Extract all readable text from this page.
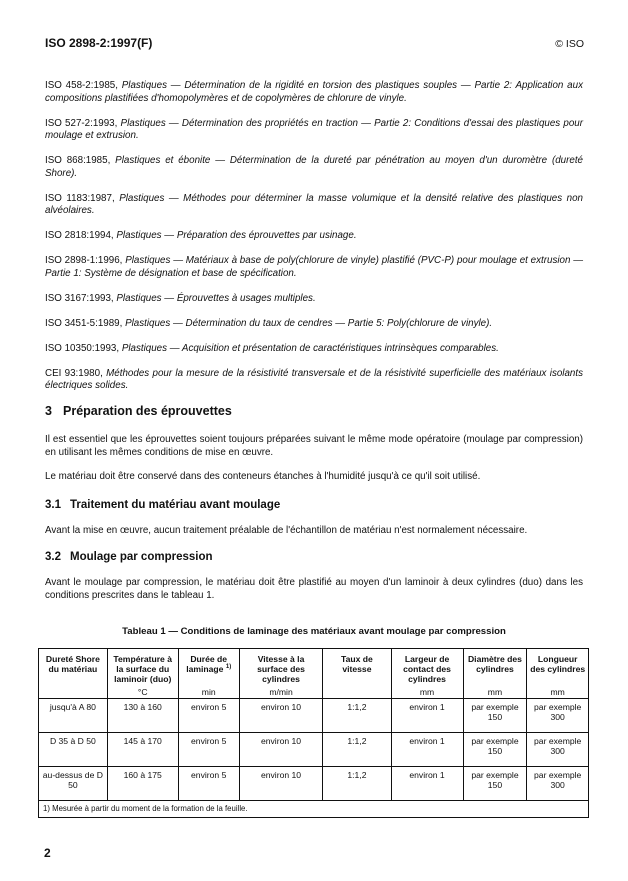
ISO 2898-2:1997(F)	© ISO

ISO 458-2:1985, Plastiques — Détermination de la rigidité en torsion des plastiques souples — Partie 2: Application aux compositions plastifiées d'homopolymères et de copolymères de chlorure de vinyle.

ISO 527-2:1993, Plastiques — Détermination des propriétés en traction — Partie 2: Conditions d'essai des plastiques pour moulage et extrusion.

ISO 868:1985, Plastiques et ébonite — Détermination de la dureté par pénétration au moyen d'un duromètre (dureté Shore).

ISO 1183:1987, Plastiques — Méthodes pour déterminer la masse volumique et la densité relative des plastiques non alvéolaires.

ISO 2818:1994, Plastiques — Préparation des éprouvettes par usinage.

ISO 2898-1:1996, Plastiques — Matériaux à base de poly(chlorure de vinyle) plastifié (PVC-P) pour moulage et extrusion — Partie 1: Système de désignation et base de spécification.

ISO 3167:1993, Plastiques — Éprouvettes à usages multiples.

ISO 3451-5:1989, Plastiques — Détermination du taux de cendres — Partie 5: Poly(chlorure de vinyle).

ISO 10350:1993, Plastiques — Acquisition et présentation de caractéristiques intrinsèques comparables.

CEI 93:1980, Méthodes pour la mesure de la résistivité transversale et de la résistivité superficielle des matériaux isolants électriques solides.

3 Préparation des éprouvettes

Il est essentiel que les éprouvettes soient toujours préparées suivant le même mode opératoire (moulage par compression) en utilisant les mêmes conditions de mise en œuvre.

Le matériau doit être conservé dans des conteneurs étanches à l'humidité jusqu'à ce qu'il soit utilisé.

3.1 Traitement du matériau avant moulage

Avant la mise en œuvre, aucun traitement préalable de l'échantillon de matériau n'est normalement nécessaire.

3.2 Moulage par compression

Avant le moulage par compression, le matériau doit être plastifié au moyen d'un laminoir à deux cylindres (duo) dans les conditions prescrites dans le tableau 1.

Tableau 1 — Conditions de laminage des matériaux avant moulage par compression
Dureté Shore du matériau	Température à la surface du laminoir (duo)	Durée de laminage $^{1)}$	Vitesse à la surface des cylindres	Taux de vitesse	Largeur de contact des cylindres	Diamètre des cylindres	Longueur des cylindres
	°C	min	m/min		mm	mm	mm
jusqu'à A 80	130 à 160	environ 5	environ 10	1:1,2	environ 1	par exemple 150	par exemple 300
D 35 à D 50	145 à 170	environ 5	environ 10	1:1,2	environ 1	par exemple 150	par exemple 300
au-dessus de D 50	160 à 175	environ 5	environ 10	1:1,2	environ 1	par exemple 150	par exemple 300
1) Mesurée à partir du moment de la formation de la feuille.							
2
